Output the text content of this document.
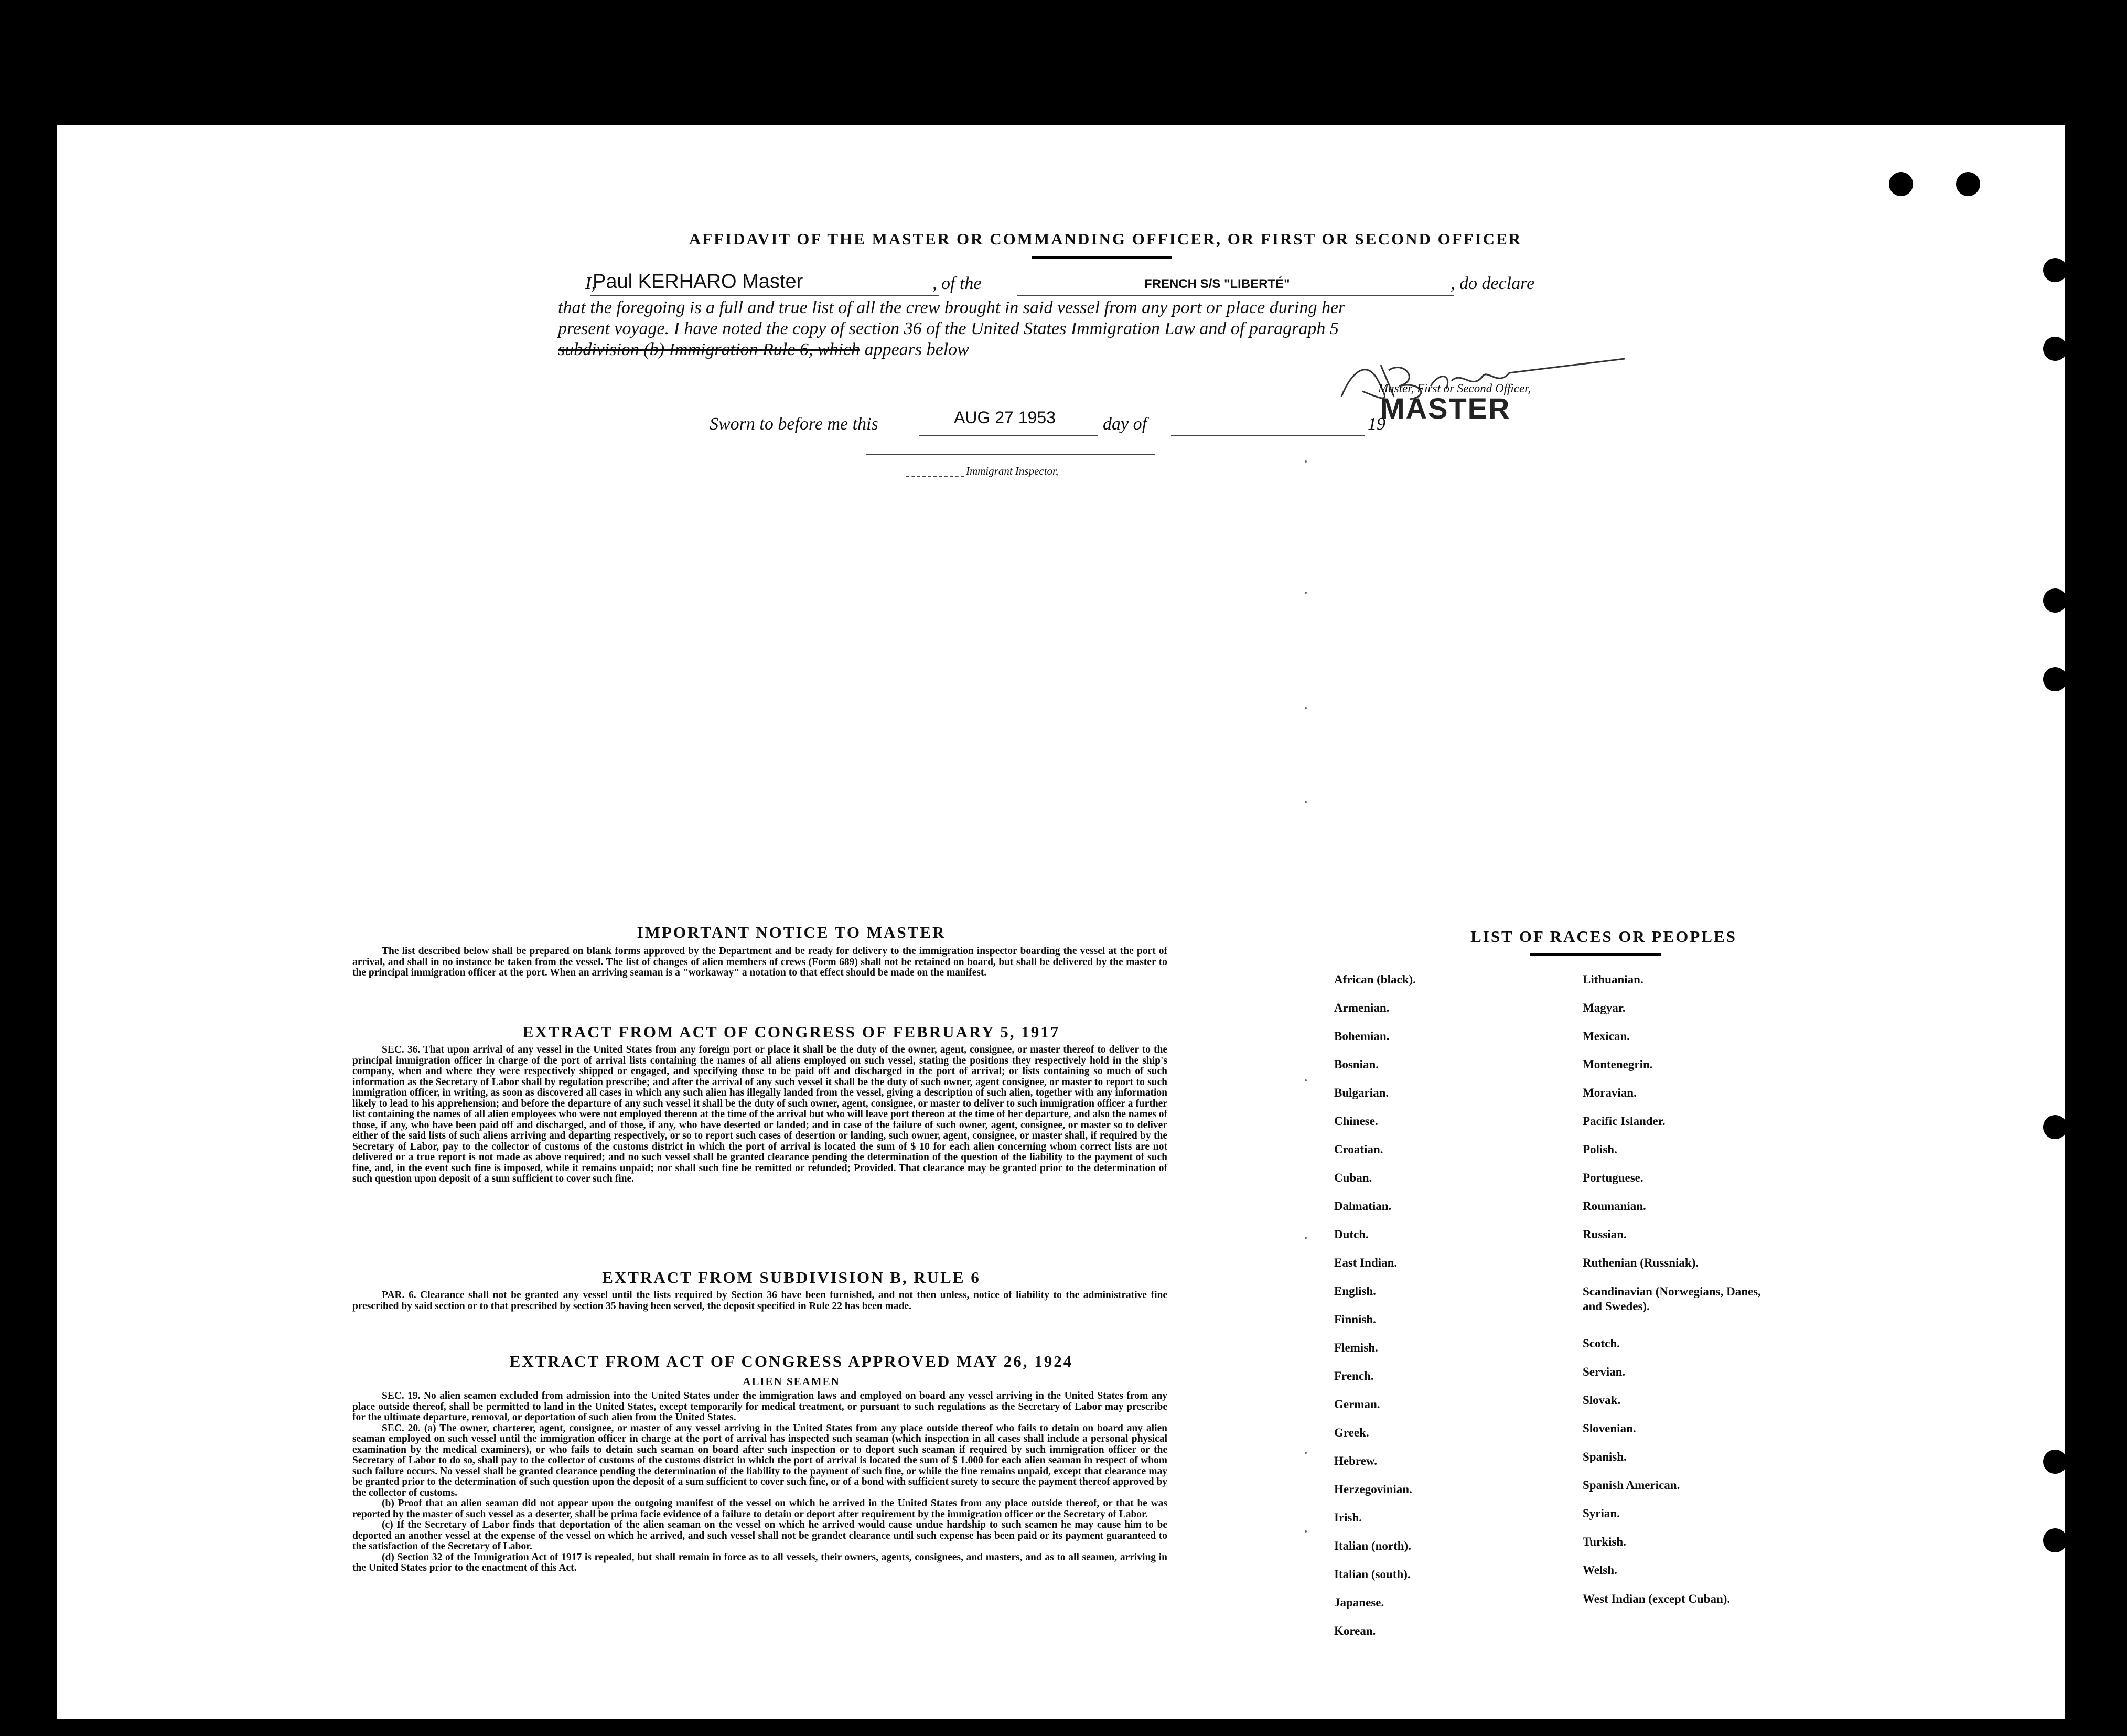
AFFIDAVIT OF THE MASTER OR COMMANDING OFFICER, OR FIRST OR SECOND OFFICER
I,
Paul KERHARO Master	, of the	FRENCH S/S "LIBERTÉ"	, do declare
that the foregoing is a full and true list of all the crew brought in said vessel from any port or place during her
present voyage. I have noted the copy of section 36 of the United States Immigration Law and of paragraph 5
subdivision (b) Immigration Rule 6, which appears below
Master, First or Second Officer,
MASTER
Sworn to before me this	AUG 27 1953	day of	19
Immigrant Inspector,
IMPORTANT NOTICE TO MASTER

The list described below shall be prepared on blank forms approved by the Department and be ready for delivery to the immigration inspector boarding the vessel at the port of arrival, and shall in no instance be taken from the vessel. The list of changes of alien members of crews (Form 689) shall not be retained on board, but shall be delivered by the master to the principal immigration officer at the port. When an arriving seaman is a "workaway" a notation to that effect should be made on the manifest.

EXTRACT FROM ACT OF CONGRESS OF FEBRUARY 5, 1917

SEC. 36. That upon arrival of any vessel in the United States from any foreign port or place it shall be the duty of the owner, agent, consignee, or master thereof to deliver to the principal immigration officer in charge of the port of arrival lists containing the names of all aliens employed on such vessel, stating the positions they respectively hold in the ship's company, when and where they were respectively shipped or engaged, and specifying those to be paid off and discharged in the port of arrival; or lists containing so much of such information as the Secretary of Labor shall by regulation prescribe; and after the arrival of any such vessel it shall be the duty of such owner, agent consignee, or master to report to such immigration officer, in writing, as soon as discovered all cases in which any such alien has illegally landed from the vessel, giving a description of such alien, together with any information likely to lead to his apprehension; and before the departure of any such vessel it shall be the duty of such owner, agent, consignee, or master to deliver to such immigration officer a further list containing the names of all alien employees who were not employed thereon at the time of the arrival but who will leave port thereon at the time of her departure, and also the names of those, if any, who have been paid off and discharged, and of those, if any, who have deserted or landed; and in case of the failure of such owner, agent, consignee, or master so to deliver either of the said lists of such aliens arriving and departing respectively, or so to report such cases of desertion or landing, such owner, agent, consignee, or master shall, if required by the Secretary of Labor, pay to the collector of customs of the customs district in which the port of arrival is located the sum of $ 10 for each alien concerning whom correct lists are not delivered or a true report is not made as above required; and no such vessel shall be granted clearance pending the determination of the question of the liability to the payment of such fine, and, in the event such fine is imposed, while it remains unpaid; nor shall such fine be remitted or refunded; Provided. That clearance may be granted prior to the determination of such question upon deposit of a sum sufficient to cover such fine.

EXTRACT FROM SUBDIVISION B, RULE 6

PAR. 6. Clearance shall not be granted any vessel until the lists required by Section 36 have been furnished, and not then unless, notice of liability to the administrative fine prescribed by said section or to that prescribed by section 35 having been served, the deposit specified in Rule 22 has been made.

EXTRACT FROM ACT OF CONGRESS APPROVED MAY 26, 1924
ALIEN SEAMEN

SEC. 19. No alien seamen excluded from admission into the United States under the immigration laws and employed on board any vessel arriving in the United States from any place outside thereof, shall be permitted to land in the United States, except temporarily for medical treatment, or pursuant to such regulations as the Secretary of Labor may prescribe for the ultimate departure, removal, or deportation of such alien from the United States.

SEC. 20. (a) The owner, charterer, agent, consignee, or master of any vessel arriving in the United States from any place outside thereof who fails to detain on board any alien seaman employed on such vessel until the immigration officer in charge at the port of arrival has inspected such seaman (which inspection in all cases shall include a personal physical examination by the medical examiners), or who fails to detain such seaman on board after such inspection or to deport such seaman if required by such immigration officer or the Secretary of Labor to do so, shall pay to the collector of customs of the customs district in which the port of arrival is located the sum of $ 1.000 for each alien seaman in respect of whom such failure occurs. No vessel shall be granted clearance pending the determination of the liability to the payment of such fine, or while the fine remains unpaid, except that clearance may be granted prior to the determination of such question upon the deposit of a sum sufficient to cover such fine, or of a bond with sufficient surety to secure the payment thereof approved by the collector of customs.

(b) Proof that an alien seaman did not appear upon the outgoing manifest of the vessel on which he arrived in the United States from any place outside thereof, or that he was reported by the master of such vessel as a deserter, shall be prima facie evidence of a failure to detain or deport after requirement by the immigration officer or the Secretary of Labor.

(c) If the Secretary of Labor finds that deportation of the alien seaman on the vessel on which he arrived would cause undue hardship to such seamen he may cause him to be deported an another vessel at the expense of the vessel on which he arrived, and such vessel shall not be grandet clearance until such expense has been paid or its payment guaranteed to the satisfaction of the Secretary of Labor.

(d) Section 32 of the Immigration Act of 1917 is repealed, but shall remain in force as to all vessels, their owners, agents, consignees, and masters, and as to all seamen, arriving in the United States prior to the enactment of this Act.

LIST OF RACES OR PEOPLES
African (black).
Armenian.
Bohemian.
Bosnian.
Bulgarian.
Chinese.
Croatian.
Cuban.
Dalmatian.
Dutch.
East Indian.
English.
Finnish.
Flemish.
French.
German.
Greek.
Hebrew.
Herzegovinian.
Irish.
Italian (north).
Italian (south).
Japanese.
Korean.
Lithuanian.
Magyar.
Mexican.
Montenegrin.
Moravian.
Pacific Islander.
Polish.
Portuguese.
Roumanian.
Russian.
Ruthenian (Russniak).
Scandinavian (Norwegians, Danes, and Swedes).
Scotch.
Servian.
Slovak.
Slovenian.
Spanish.
Spanish American.
Syrian.
Turkish.
Welsh.
West Indian (except Cuban).
